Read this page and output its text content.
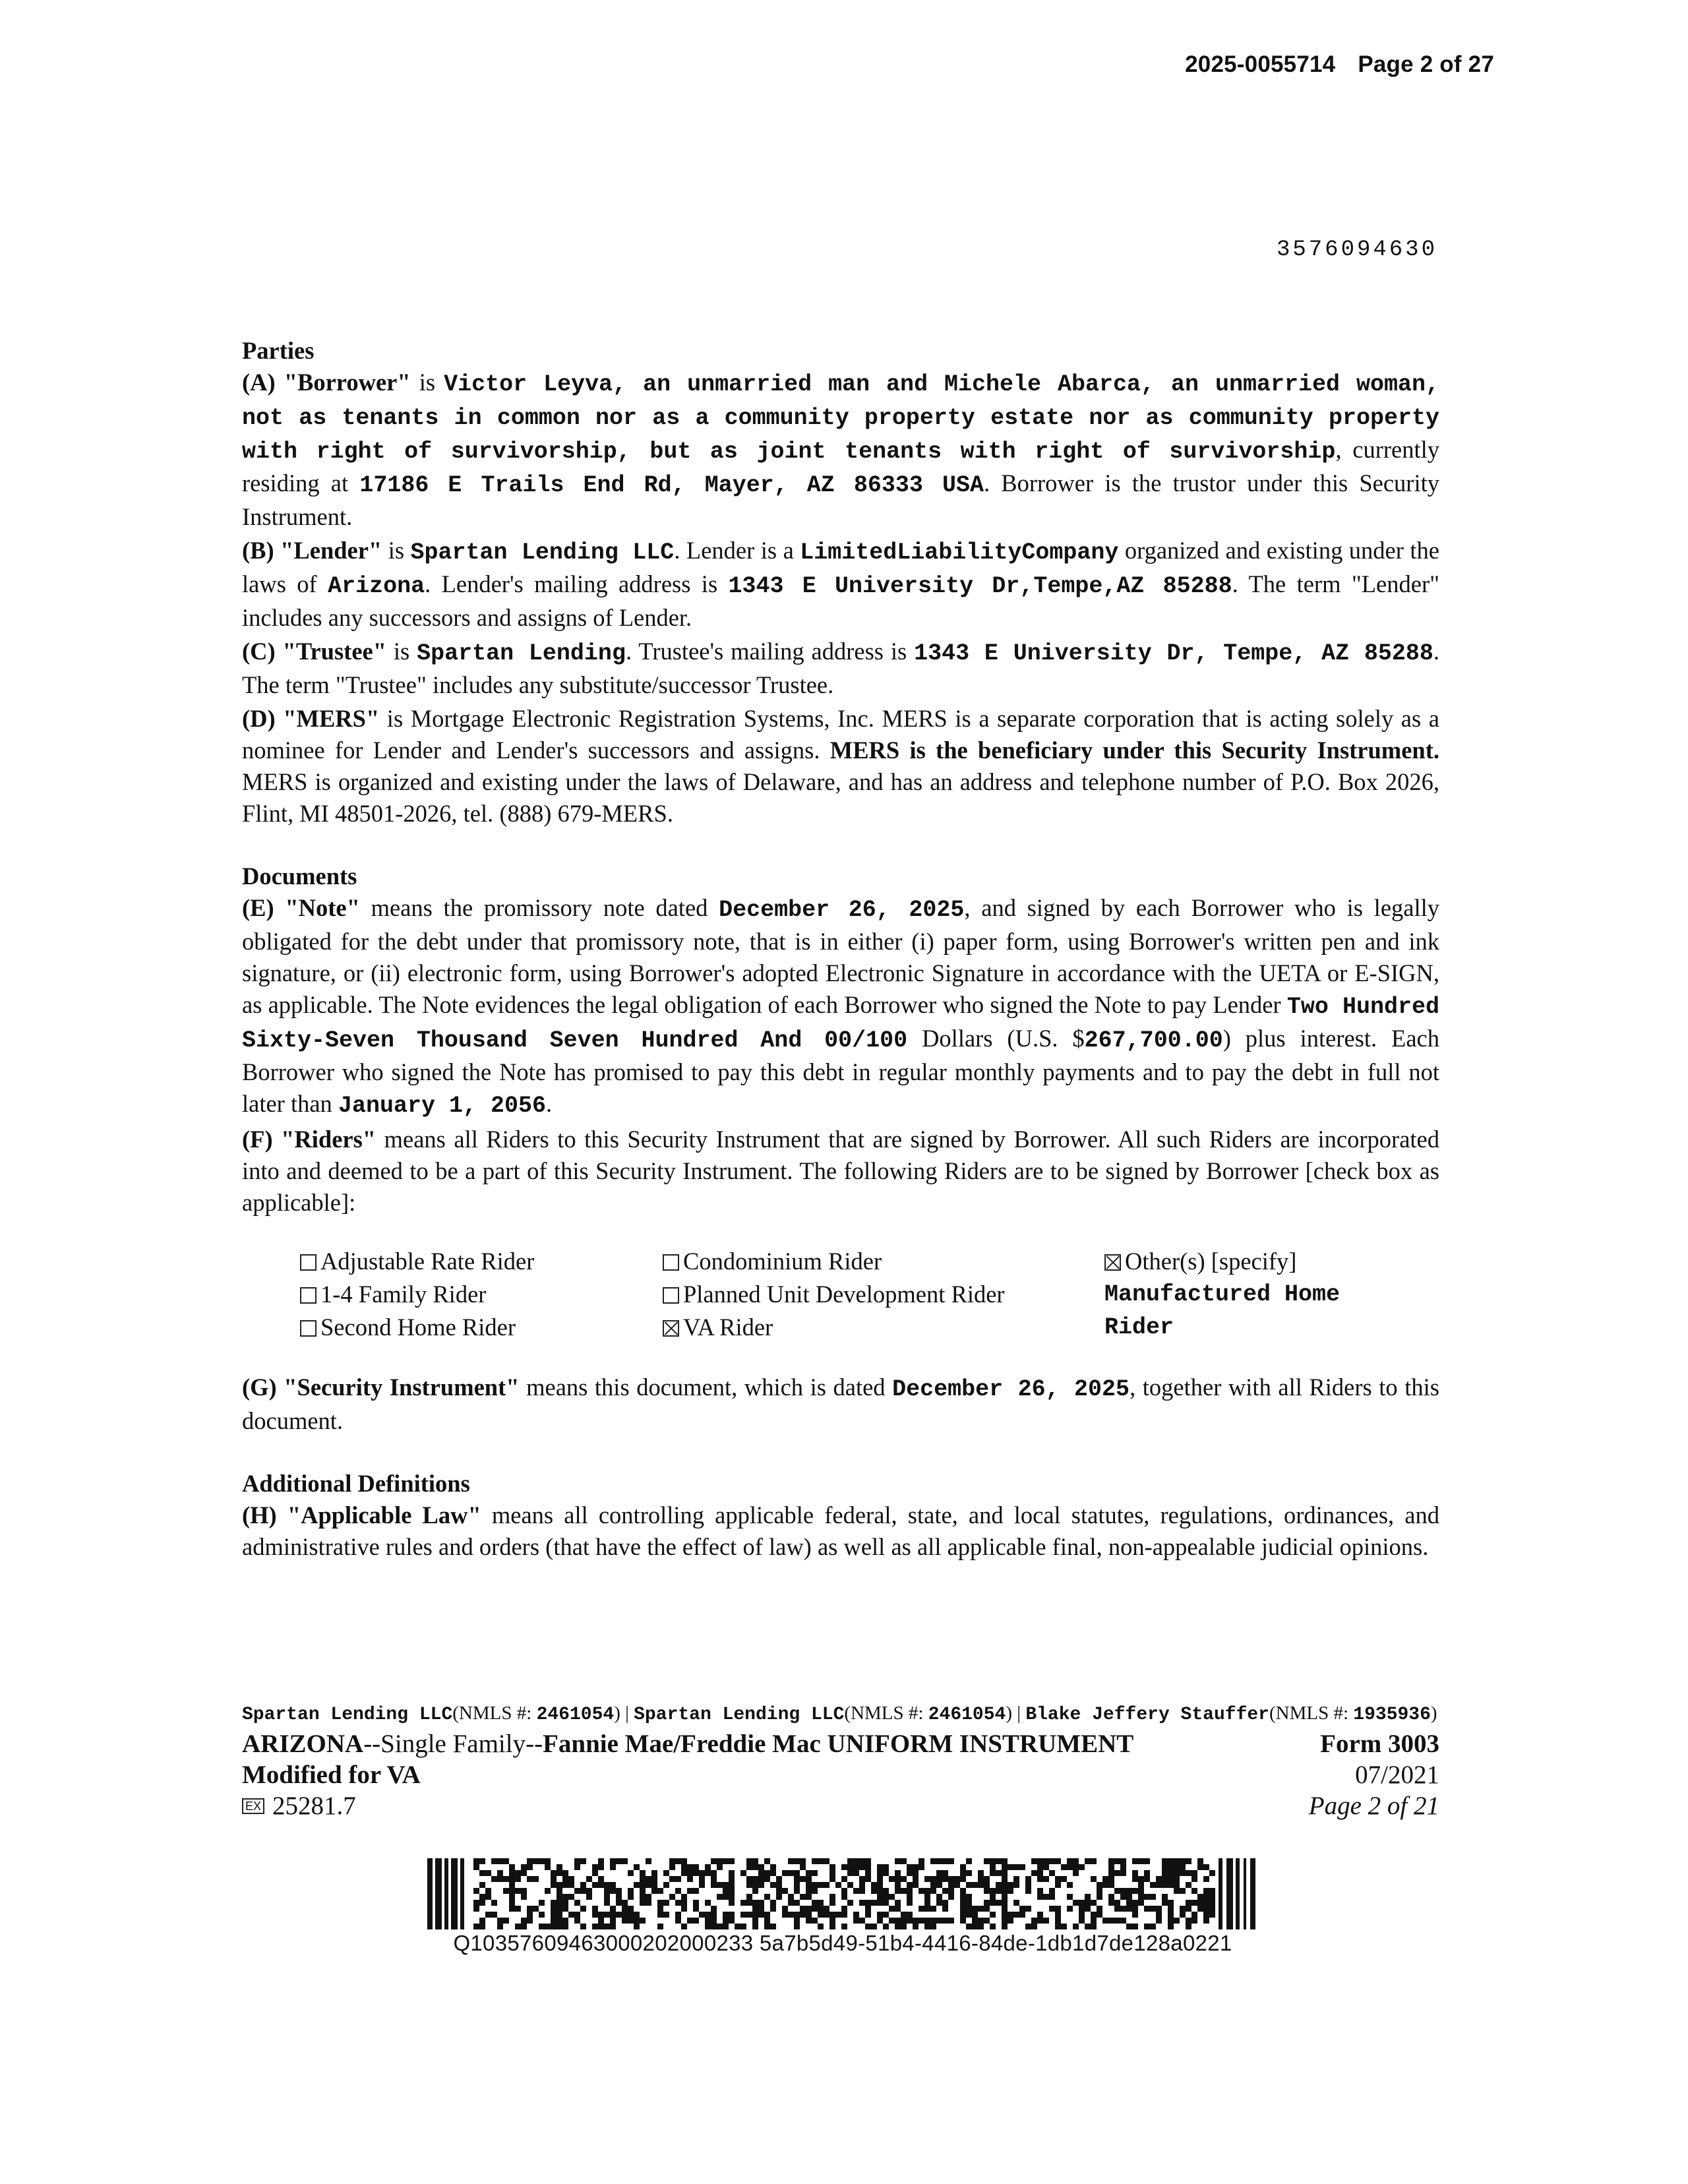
2025-0055714 Page 2 of 27
3576094630

Parties

(A) "Borrower" is Victor Leyva, an unmarried man and Michele Abarca, an unmarried woman, not as tenants in common nor as a community property estate nor as community property with right of survivorship, but as joint tenants with right of survivorship, currently residing at 17186 E Trails End Rd, Mayer, AZ 86333 USA. Borrower is the trustor under this Security Instrument.

(B) "Lender" is Spartan Lending LLC. Lender is a LimitedLiabilityCompany organized and existing under the laws of Arizona. Lender's mailing address is 1343 E University Dr,Tempe,AZ 85288. The term "Lender" includes any successors and assigns of Lender.

(C) "Trustee" is Spartan Lending. Trustee's mailing address is 1343 E University Dr, Tempe, AZ 85288. The term "Trustee" includes any substitute/successor Trustee.

(D) "MERS" is Mortgage Electronic Registration Systems, Inc. MERS is a separate corporation that is acting solely as a nominee for Lender and Lender's successors and assigns. MERS is the beneficiary under this Security Instrument. MERS is organized and existing under the laws of Delaware, and has an address and telephone number of P.O. Box 2026, Flint, MI 48501-2026, tel. (888) 679-MERS.

Documents

(E) "Note" means the promissory note dated December 26, 2025, and signed by each Borrower who is legally obligated for the debt under that promissory note, that is in either (i) paper form, using Borrower's written pen and ink signature, or (ii) electronic form, using Borrower's adopted Electronic Signature in accordance with the UETA or E-SIGN, as applicable. The Note evidences the legal obligation of each Borrower who signed the Note to pay Lender Two Hundred Sixty-Seven Thousand Seven Hundred And 00/100 Dollars (U.S. $267,700.00) plus interest. Each Borrower who signed the Note has promised to pay this debt in regular monthly payments and to pay the debt in full not later than January 1, 2056.

(F) "Riders" means all Riders to this Security Instrument that are signed by Borrower. All such Riders are incorporated into and deemed to be a part of this Security Instrument. The following Riders are to be signed by Borrower [check box as applicable]:

Adjustable Rate Rider
1-4 Family Rider
Second Home Rider
Condominium Rider
Planned Unit Development Rider
VA Rider
Other(s) [specify]
Manufactured Home Rider

(G) "Security Instrument" means this document, which is dated December 26, 2025, together with all Riders to this document.

Additional Definitions

(H) "Applicable Law" means all controlling applicable federal, state, and local statutes, regulations, ordinances, and administrative rules and orders (that have the effect of law) as well as all applicable final, non-appealable judicial opinions.

Spartan Lending LLC(NMLS #: 2461054) | Spartan Lending LLC(NMLS #: 2461054) | Blake Jeffery Stauffer(NMLS #: 1935936)
ARIZONA--Single Family--Fannie Mae/Freddie Mac UNIFORM INSTRUMENT
Modified for VA
EX 25281.7
Form 3003
07/2021
Page 2 of 21
Q10357609463000202000233 5a7b5d49-51b4-4416-84de-1db1d7de128a0221
